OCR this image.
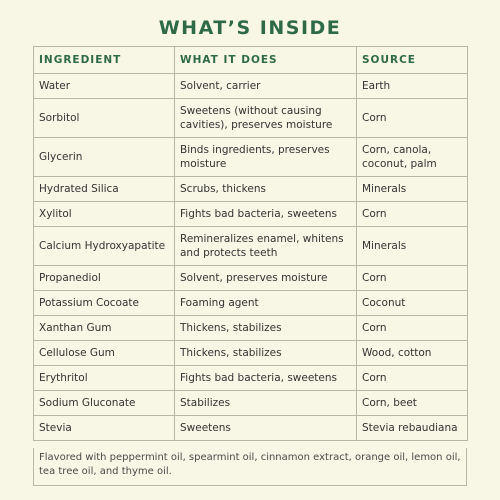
WHAT’S INSIDE
INGREDIENT	WHAT IT DOES	SOURCE
Water	Solvent, carrier	Earth
Sorbitol	Sweetens (without causing cavities), preserves moisture	Corn
Glycerin	Binds ingredients, preserves moisture	Corn, canola, coconut, palm
Hydrated Silica	Scrubs, thickens	Minerals
Xylitol	Fights bad bacteria, sweetens	Corn
Calcium Hydroxyapatite	Remineralizes enamel, whitens and protects teeth	Minerals
Propanediol	Solvent, preserves moisture	Corn
Potassium Cocoate	Foaming agent	Coconut
Xanthan Gum	Thickens, stabilizes	Corn
Cellulose Gum	Thickens, stabilizes	Wood, cotton
Erythritol	Fights bad bacteria, sweetens	Corn
Sodium Gluconate	Stabilizes	Corn, beet
Stevia	Sweetens	Stevia rebaudiana
Flavored with peppermint oil, spearmint oil, cinnamon extract, orange oil, lemon oil, tea tree oil, and thyme oil.
